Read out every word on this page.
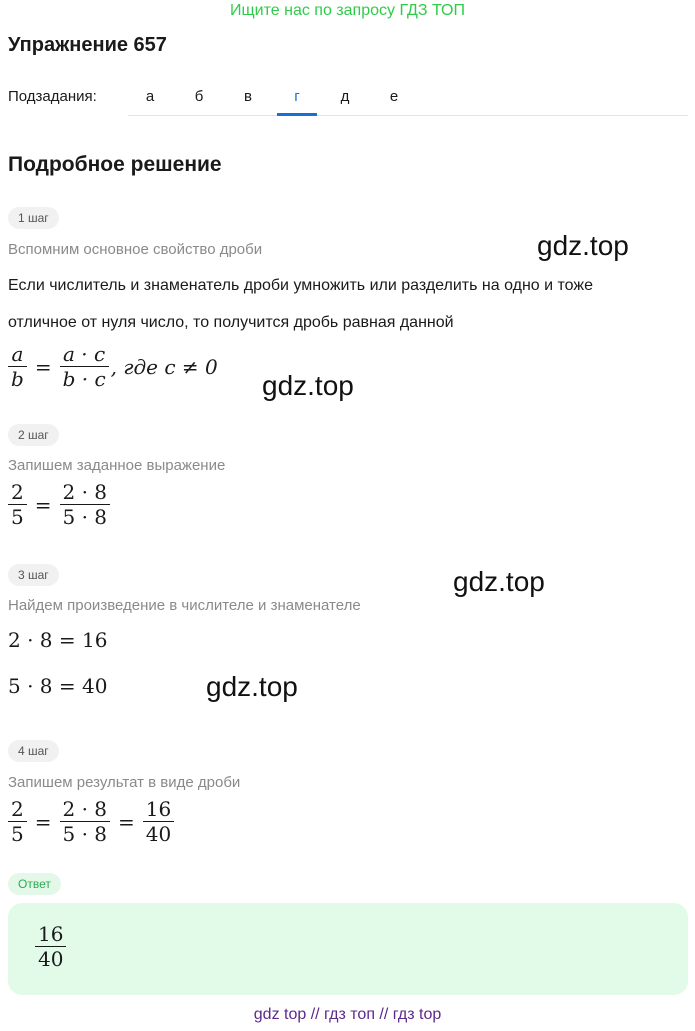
Ищите нас по запросу ГДЗ ТОП
Упражнение 657
Подзадания:	а	б	в	г	д	е
Подробное решение
1 шаг
Вспомним основное свойство дроби
Если числитель и знаменатель дроби умножить или разделить на одно и тоже
отличное от нуля число, то получится дробь равная данной
$\frac{a}{b} = \frac{a \cdot c}{b \cdot c}$ , где c ≠ 0
2 шаг
Запишем заданное выражение
$\frac{2}{5} = \frac{2 \cdot 8}{5 \cdot 8}$
3 шаг
Найдем произведение в числителе и знаменателе
2 · 8 = 16
5 · 8 = 40
4 шаг
Запишем результат в виде дроби
$\frac{2}{5} = \frac{2 \cdot 8}{5 \cdot 8} = \frac{16}{40}$
Ответ
$\frac{16}{40}$
gdz.top
gdz.top
gdz.top
gdz.top
gdz top // гдз топ // гдз top
